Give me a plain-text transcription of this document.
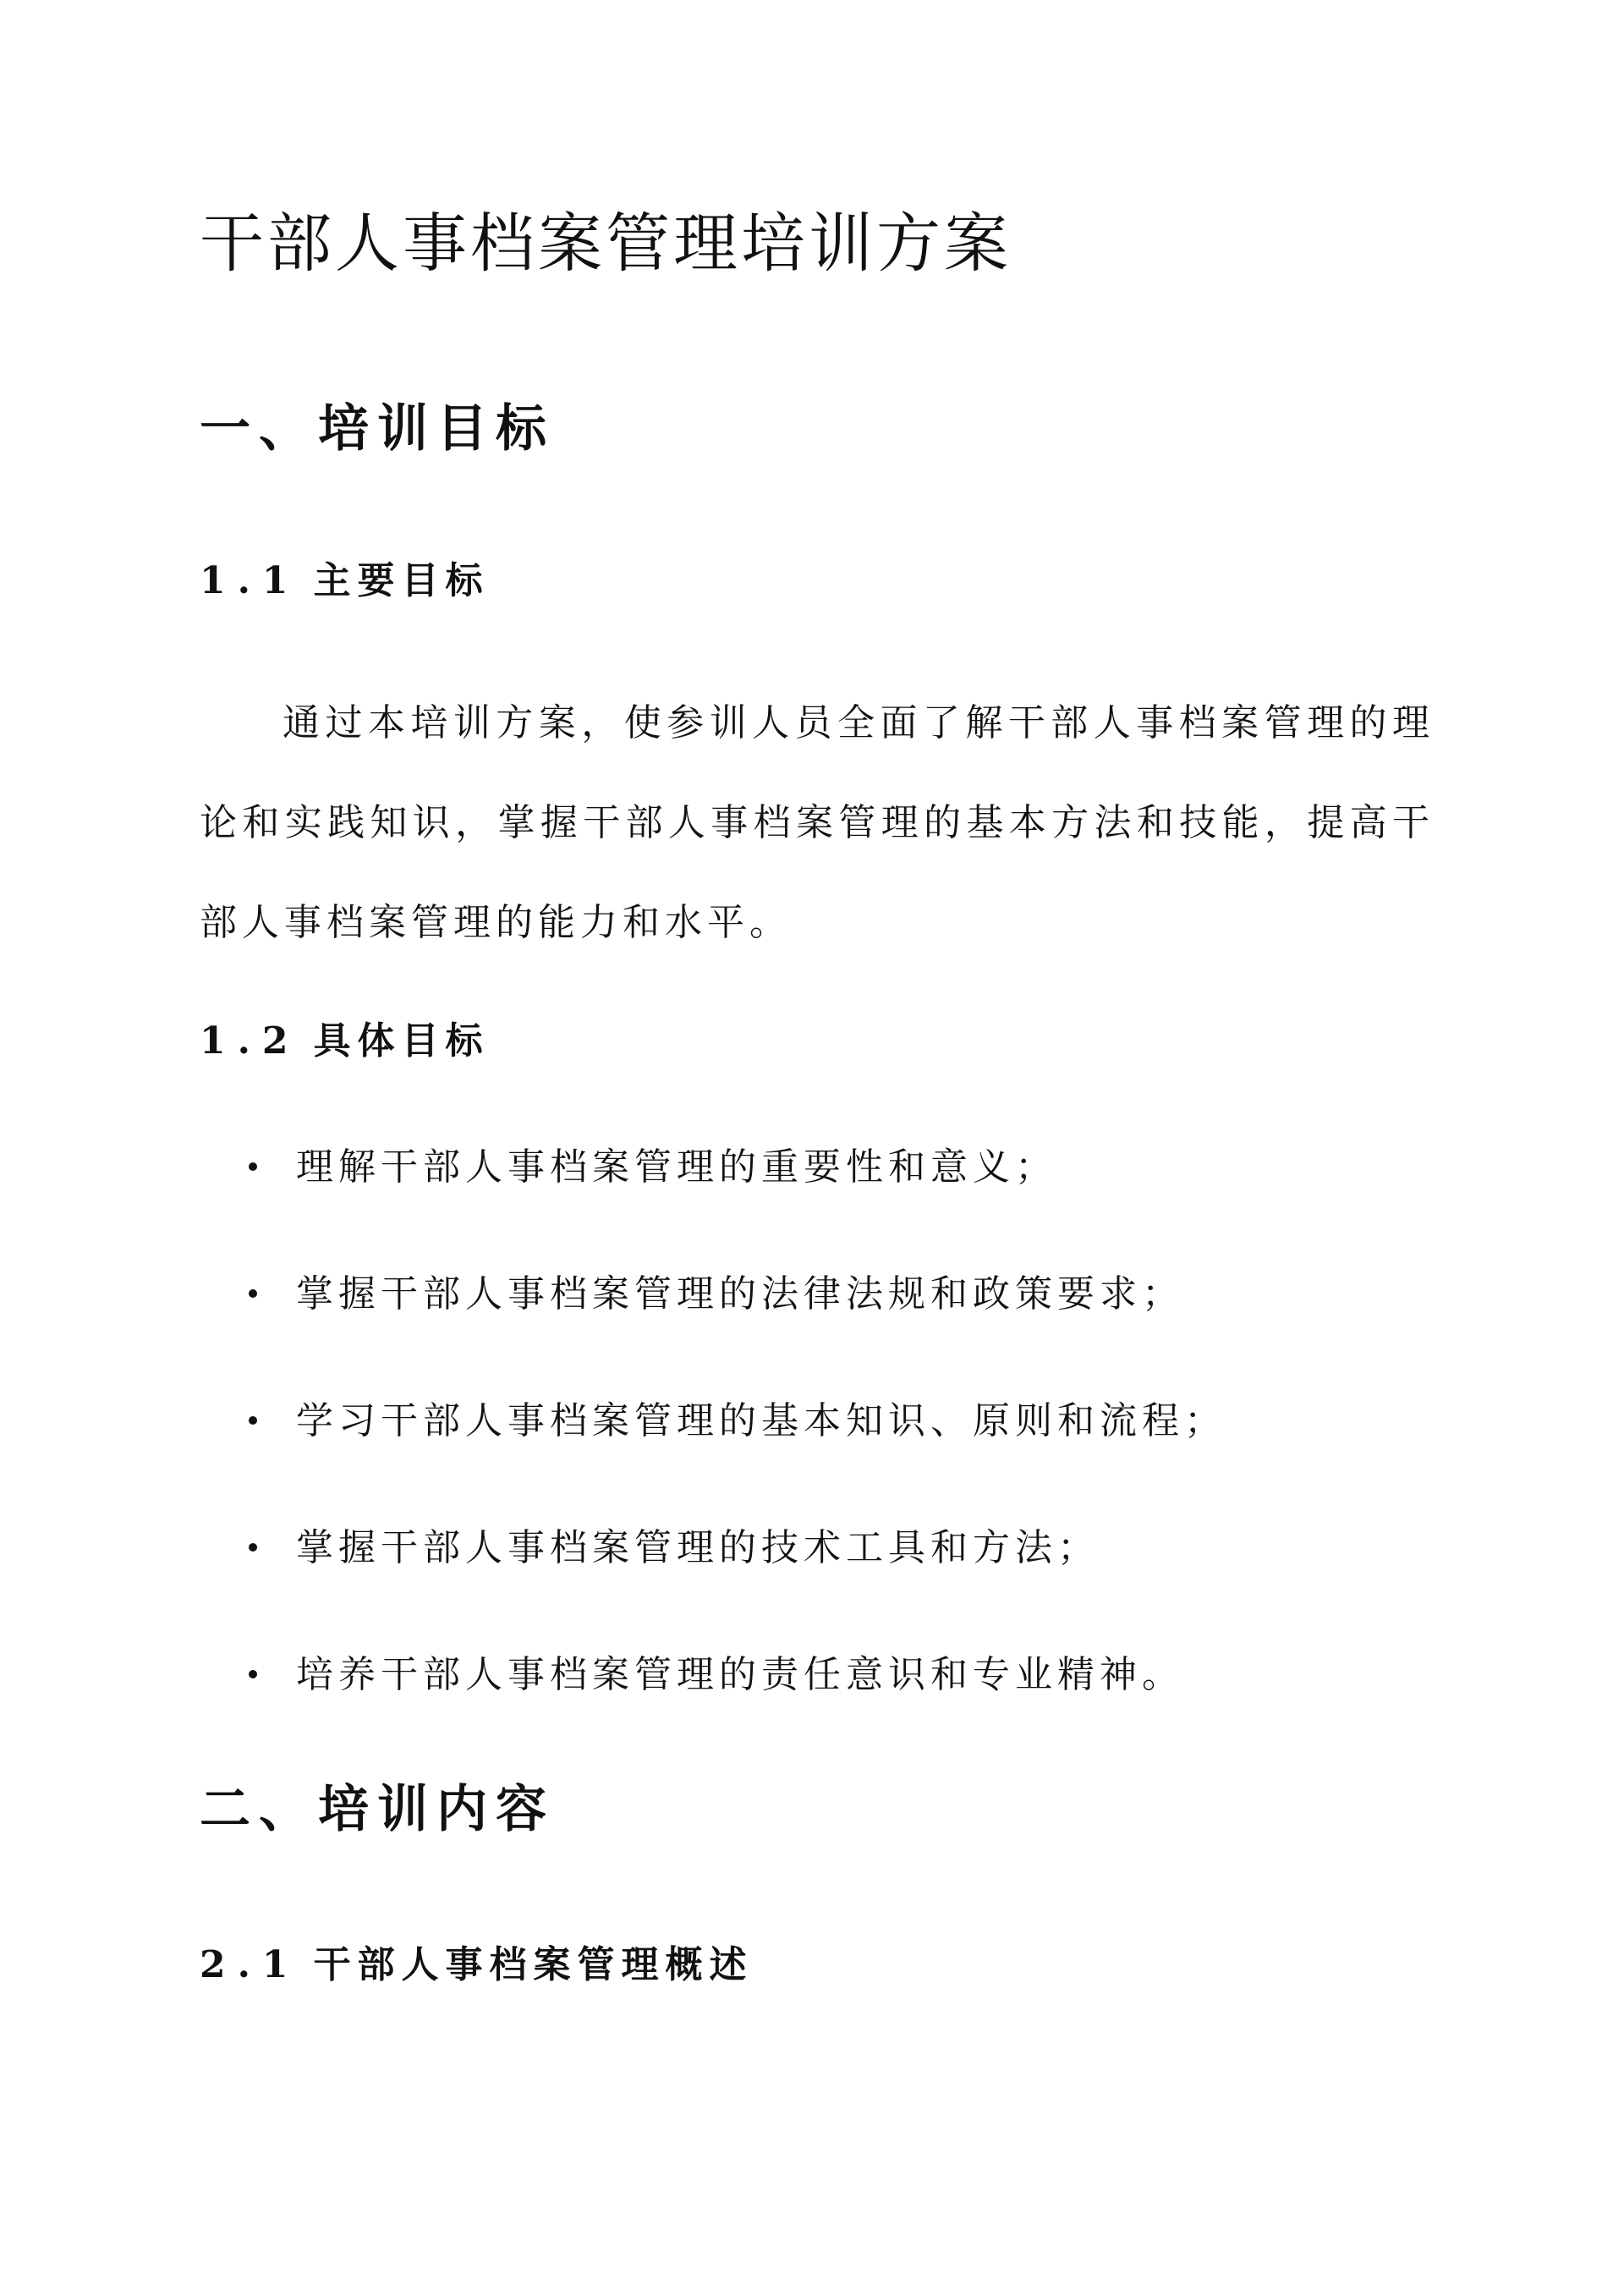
干部人事档案管理培训方案
一、培训目标
1.1 主要目标

通过本培训方案，使参训人员全面了解干部人事档案管理的理论和实践知识，掌握干部人事档案管理的基本方法和技能，提高干部人事档案管理的能力和水平。

1.2 具体目标
理解干部人事档案管理的重要性和意义；
掌握干部人事档案管理的法律法规和政策要求；
学习干部人事档案管理的基本知识、原则和流程；
掌握干部人事档案管理的技术工具和方法；
培养干部人事档案管理的责任意识和专业精神。
二、培训内容
2.1 干部人事档案管理概述
